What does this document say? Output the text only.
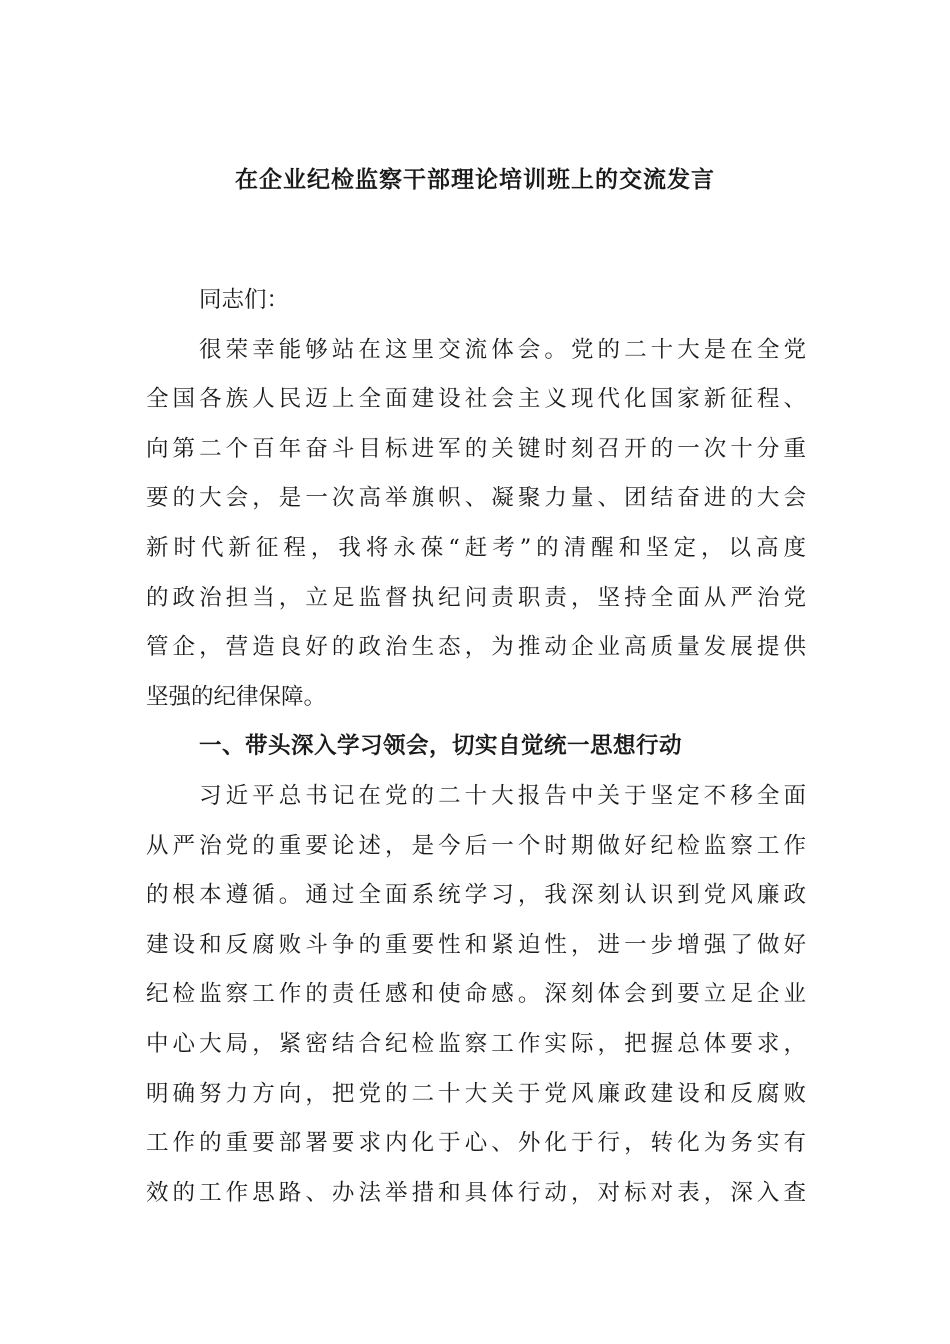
在企业纪检监察干部理论培训班上的交流发言
同志们：
很荣幸能够站在这里交流体会。党的二十大是在全党
全国各族人民迈上全面建设社会主义现代化国家新征程、
向第二个百年奋斗目标进军的关键时刻召开的一次十分重
要的大会，是一次高举旗帜、凝聚力量、团结奋进的大会
新时代新征程，我将永葆“赶考”的清醒和坚定，以高度
的政治担当，立足监督执纪问责职责，坚持全面从严治党
管企，营造良好的政治生态，为推动企业高质量发展提供
坚强的纪律保障。
一、带头深入学习领会，切实自觉统一思想行动
习近平总书记在党的二十大报告中关于坚定不移全面
从严治党的重要论述，是今后一个时期做好纪检监察工作
的根本遵循。通过全面系统学习，我深刻认识到党风廉政
建设和反腐败斗争的重要性和紧迫性，进一步增强了做好
纪检监察工作的责任感和使命感。深刻体会到要立足企业
中心大局，紧密结合纪检监察工作实际，把握总体要求，
明确努力方向，把党的二十大关于党风廉政建设和反腐败
工作的重要部署要求内化于心、外化于行，转化为务实有
效的工作思路、办法举措和具体行动，对标对表，深入查
